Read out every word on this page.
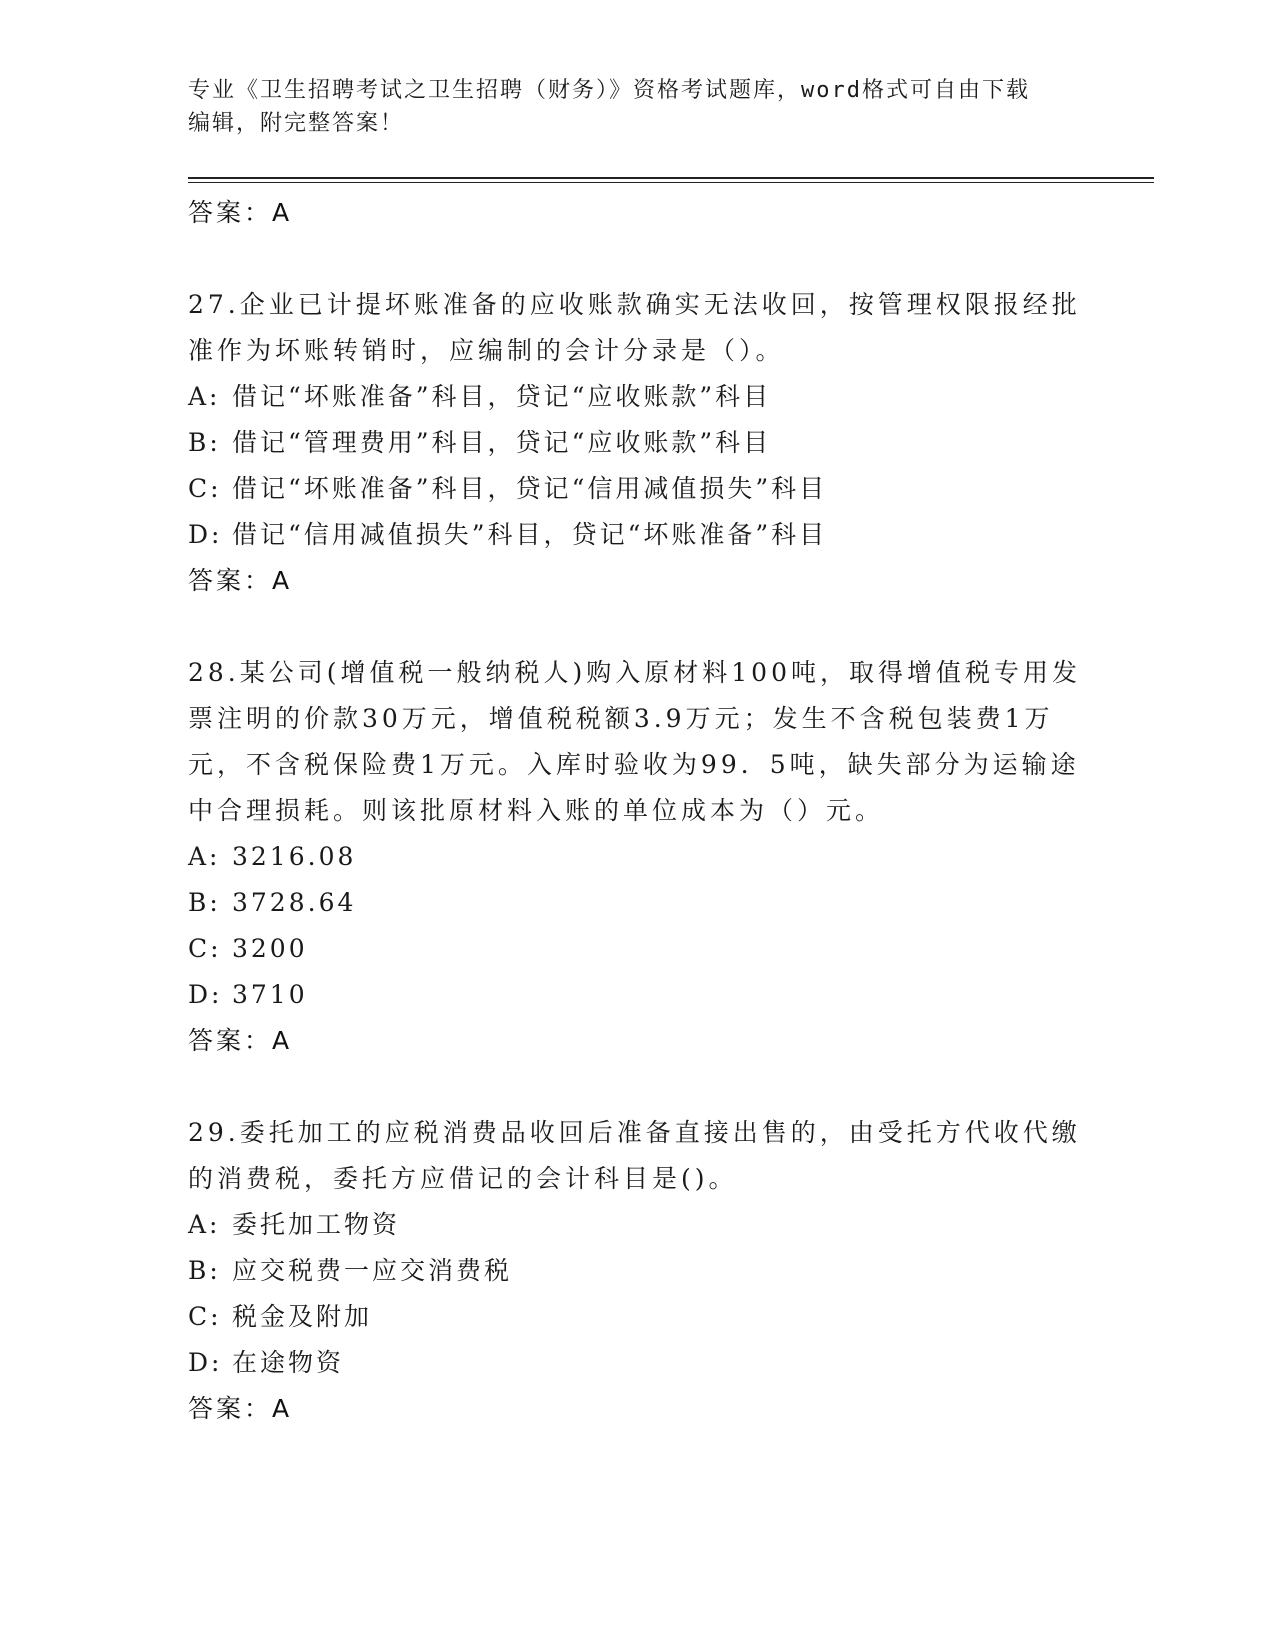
专业《卫生招聘考试之卫生招聘（财务）》资格考试题库，word格式可自由下载
编辑，附完整答案！
答案：A
27.企业已计提坏账准备的应收账款确实无法收回，按管理权限报经批准作为坏账转销时，应编制的会计分录是（）。
A: 借记“坏账准备”科目，贷记“应收账款”科目
B: 借记“管理费用”科目，贷记“应收账款”科目
C: 借记“坏账准备”科目，贷记“信用减值损失”科目
D: 借记“信用减值损失”科目，贷记“坏账准备”科目
答案：A
28.某公司(增值税一般纳税人)购入原材料100吨，取得增值税专用发票注明的价款30万元，增值税税额3.9万元；发生不含税包装费1万元，不含税保险费1万元。入库时验收为99．5吨，缺失部分为运输途中合理损耗。则该批原材料入账的单位成本为（）元。
A: 3216.08
B: 3728.64
C: 3200
D: 3710
答案：A
29.委托加工的应税消费品收回后准备直接出售的，由受托方代收代缴的消费税，委托方应借记的会计科目是()。
A: 委托加工物资
B: 应交税费一应交消费税
C: 税金及附加
D: 在途物资
答案：A
